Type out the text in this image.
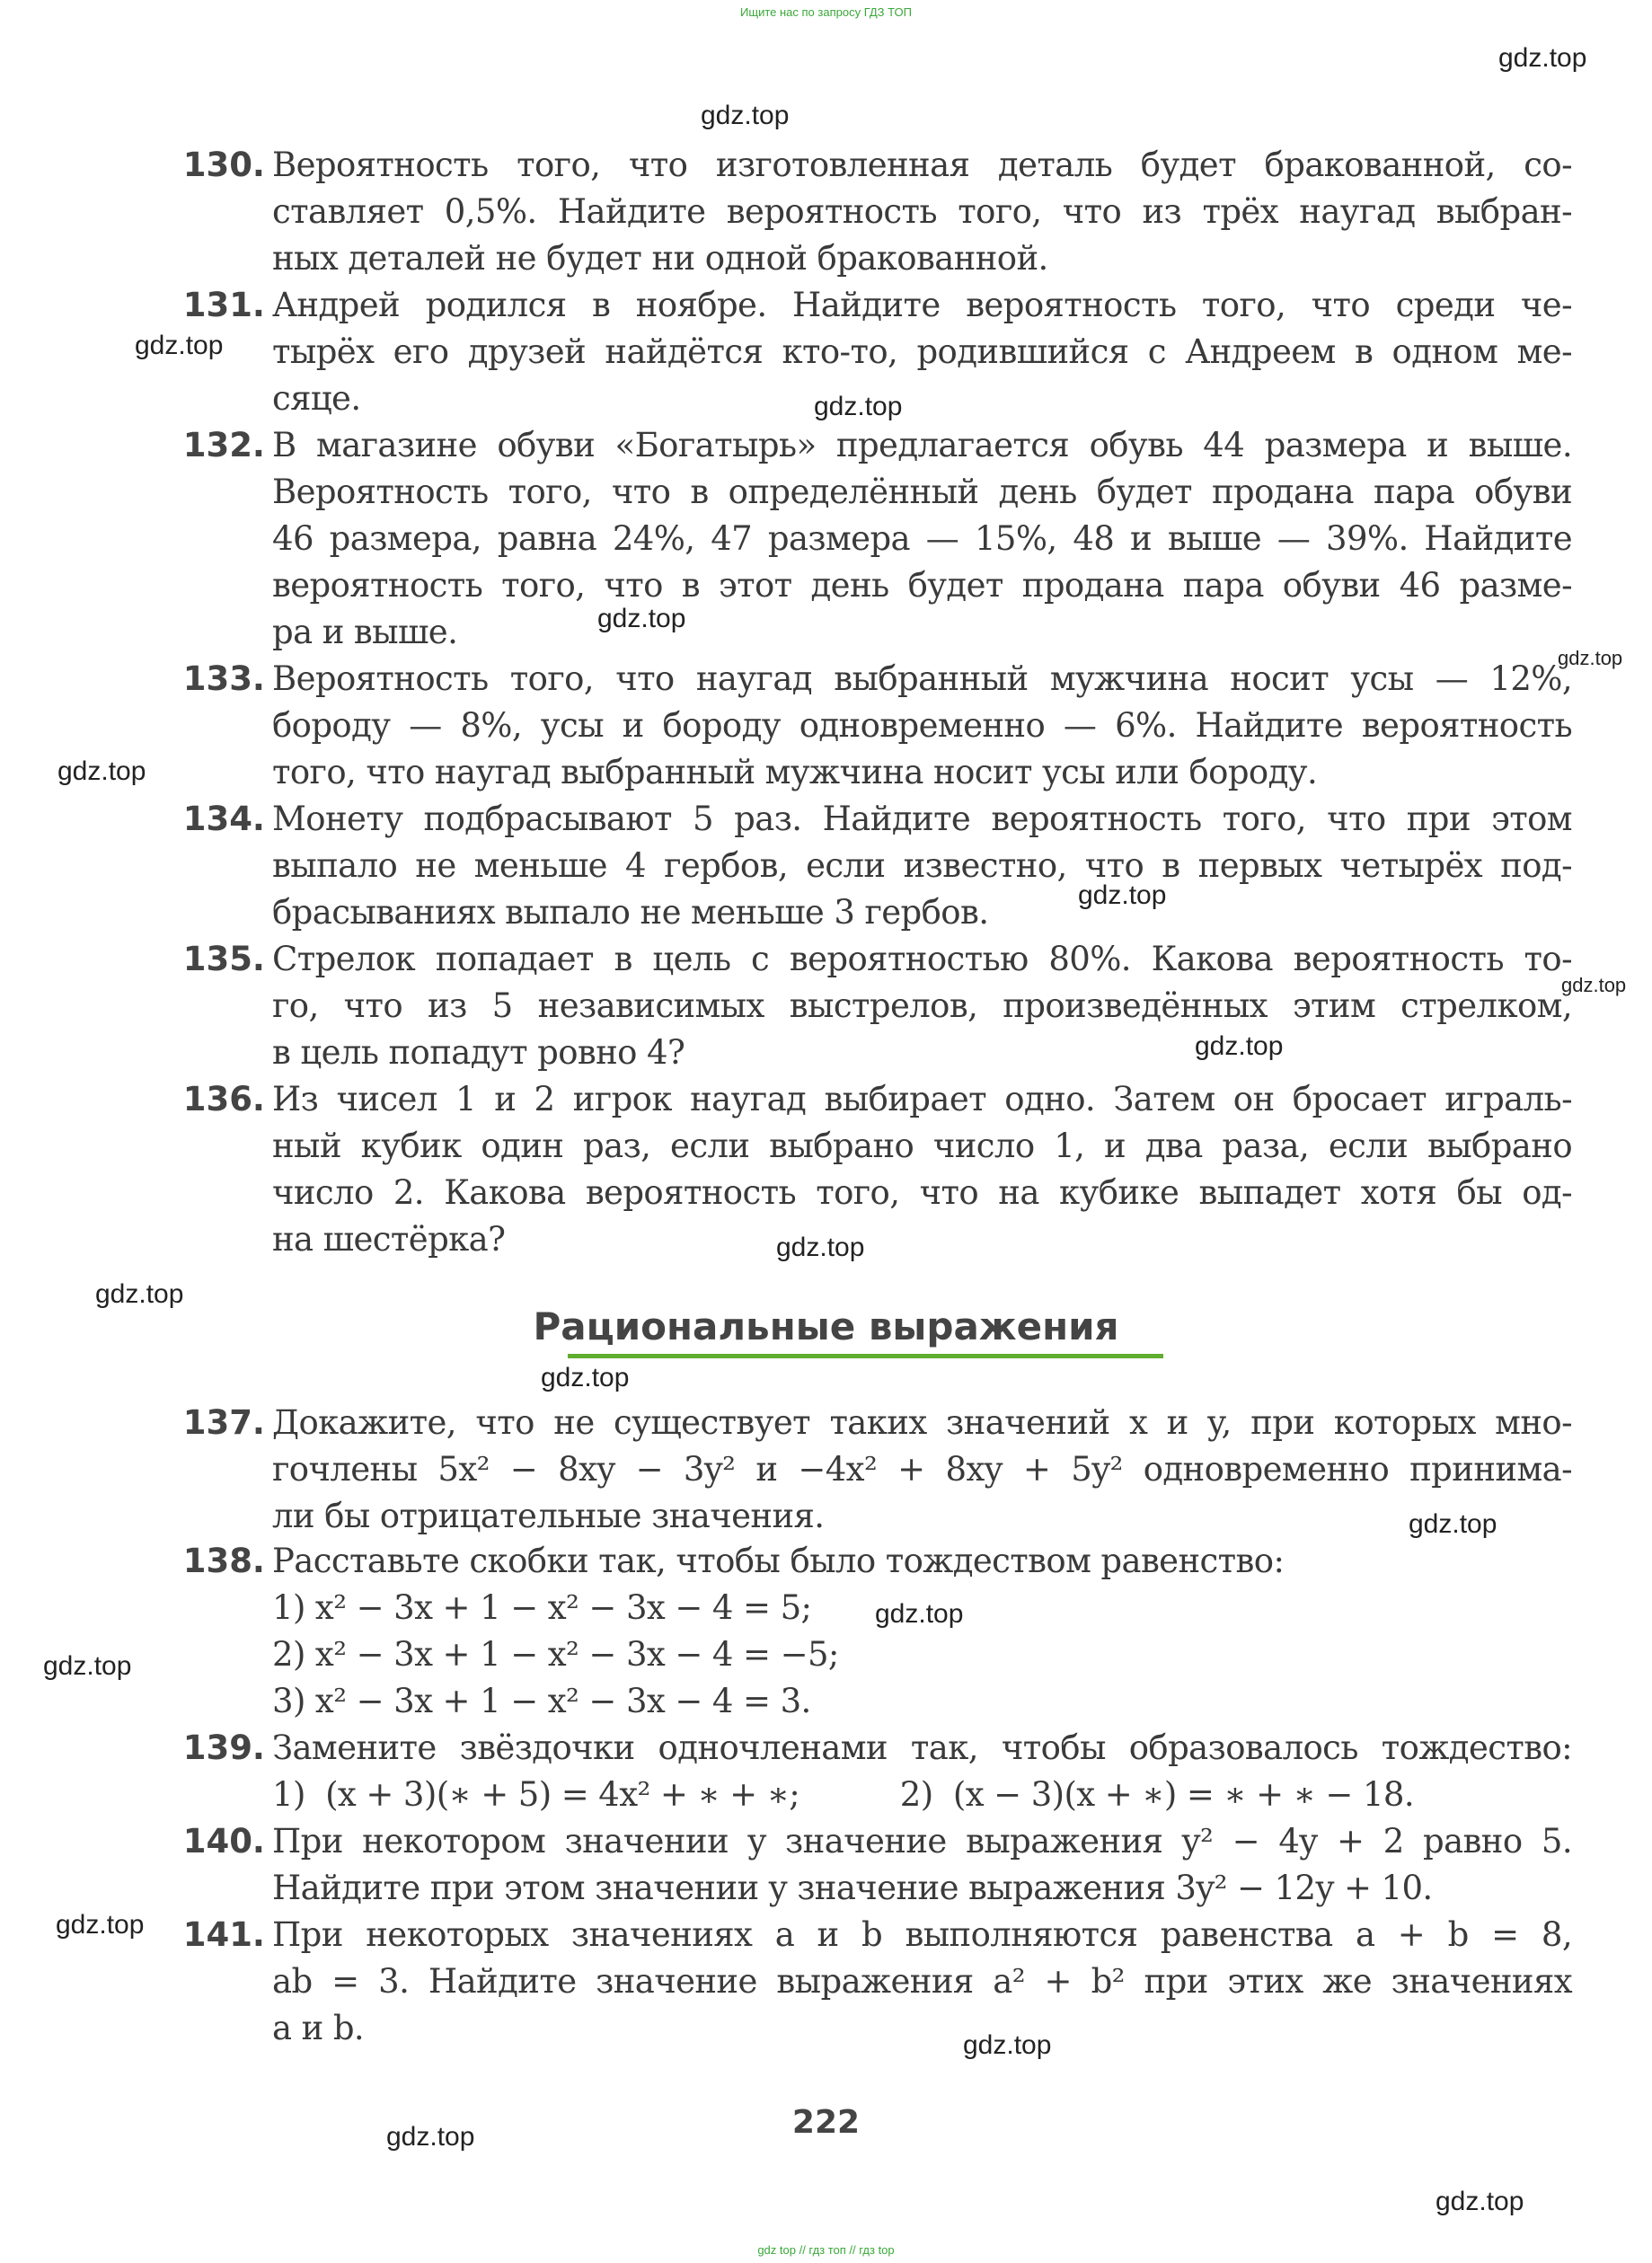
Ищите нас по запросу ГДЗ ТОП
gdz.top
gdz.top
gdz.top
gdz.top
gdz.top
gdz.top
gdz.top
gdz.top
gdz.top
gdz.top
gdz.top
gdz.top
gdz.top
gdz.top
gdz.top
gdz.top
gdz.top
gdz.top
gdz.top
gdz.top
130. Вероятность того, что изготовленная деталь будет бракованной, со-
ставляет 0,5%. Найдите вероятность того, что из трёх наугад выбран-
ных деталей не будет ни одной бракованной.
131. Андрей родился в ноябре. Найдите вероятность того, что среди че-
тырёх его друзей найдётся кто-то, родившийся с Андреем в одном ме-
сяце.
132. В магазине обуви «Богатырь» предлагается обувь 44 размера и выше.
Вероятность того, что в определённый день будет продана пара обуви
46 размера, равна 24%, 47 размера — 15%, 48 и выше — 39%. Найдите
вероятность того, что в этот день будет продана пара обуви 46 разме-
ра и выше.
133. Вероятность того, что наугад выбранный мужчина носит усы — 12%,
бороду — 8%, усы и бороду одновременно — 6%. Найдите вероятность
того, что наугад выбранный мужчина носит усы или бороду.
134. Монету подбрасывают 5 раз. Найдите вероятность того, что при этом
выпало не меньше 4 гербов, если известно, что в первых четырёх под-
брасываниях выпало не меньше 3 гербов.
135. Стрелок попадает в цель с вероятностью 80%. Какова вероятность то-
го, что из 5 независимых выстрелов, произведённых этим стрелком,
в цель попадут ровно 4?
136. Из чисел 1 и 2 игрок наугад выбирает одно. Затем он бросает играль-
ный кубик один раз, если выбрано число 1, и два раза, если выбрано
число 2. Какова вероятность того, что на кубике выпадет хотя бы од-
на шестёрка?
Рациональные выражения
137. Докажите, что не существует таких значений x и y, при которых мно-
гочлены 5x² − 8xy − 3y² и −4x² + 8xy + 5y² одновременно принима-
ли бы отрицательные значения.
138. Расставьте скобки так, чтобы было тождеством равенство:
1) x² − 3x + 1 − x² − 3x − 4 = 5;
2) x² − 3x + 1 − x² − 3x − 4 = −5;
3) x² − 3x + 1 − x² − 3x − 4 = 3.
139. Замените звёздочки одночленами так, чтобы образовалось тождество:
1)  (x + 3)(∗ + 5) = 4x² + ∗ + ∗;          2)  (x − 3)(x + ∗) = ∗ + ∗ − 18.
140. При некотором значении y значение выражения y² − 4y + 2 равно 5.
Найдите при этом значении y значение выражения 3y² − 12y + 10.
141. При некоторых значениях a и b выполняются равенства a + b = 8,
ab = 3. Найдите значение выражения a² + b² при этих же значениях
a и b.
222
gdz top // гдз топ // гдз top
